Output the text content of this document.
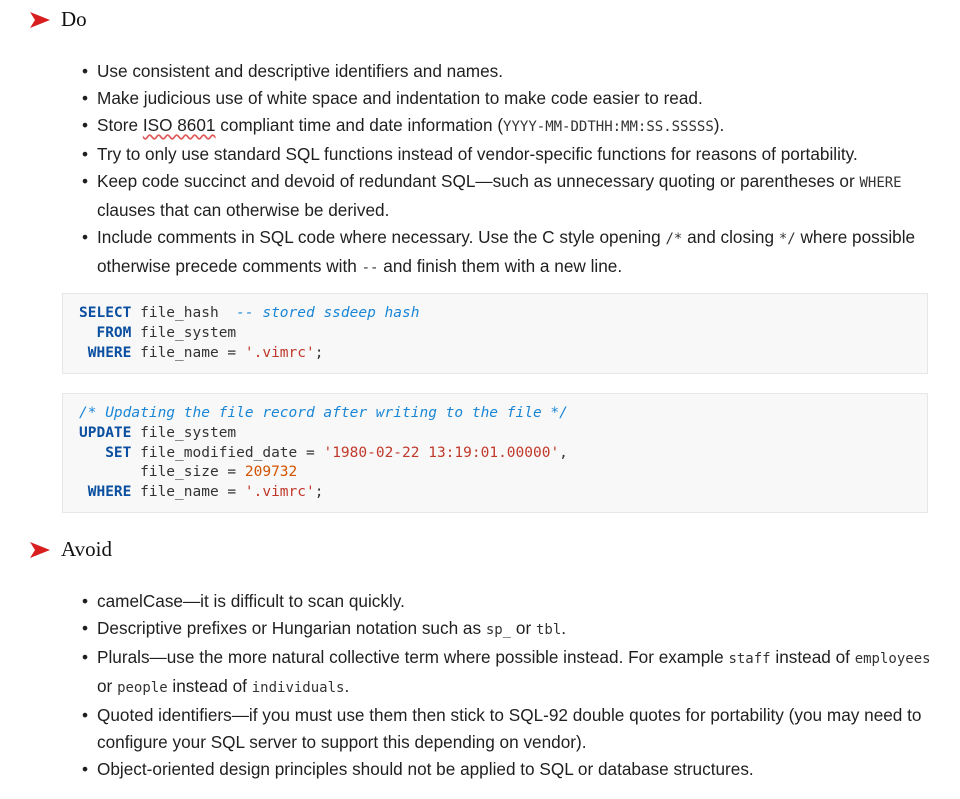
Do
• Use consistent and descriptive identifiers and names.
• Make judicious use of white space and indentation to make code easier to read.
• Store ISO 8601 compliant time and date information (YYYY-MM-DDTHH:MM:SS.SSSSS).
• Try to only use standard SQL functions instead of vendor-specific functions for reasons of portability.
• Keep code succinct and devoid of redundant SQL—such as unnecessary quoting or parentheses or WHERE clauses that can otherwise be derived.
• Include comments in SQL code where necessary. Use the C style opening /* and closing */ where possible otherwise precede comments with -- and finish them with a new line.
SELECT file_hash  -- stored ssdeep hash
FROM file_system
WHERE file_name = '.vimrc';
/* Updating the file record after writing to the file */
UPDATE file_system
SET file_modified_date = '1980-02-22 13:19:01.00000',
file_size = 209732
WHERE file_name = '.vimrc';
Avoid
• camelCase—it is difficult to scan quickly.
• Descriptive prefixes or Hungarian notation such as sp_ or tbl.
• Plurals—use the more natural collective term where possible instead. For example staff instead of employees or people instead of individuals.
• Quoted identifiers—if you must use them then stick to SQL-92 double quotes for portability (you may need to configure your SQL server to support this depending on vendor).
• Object-oriented design principles should not be applied to SQL or database structures.
